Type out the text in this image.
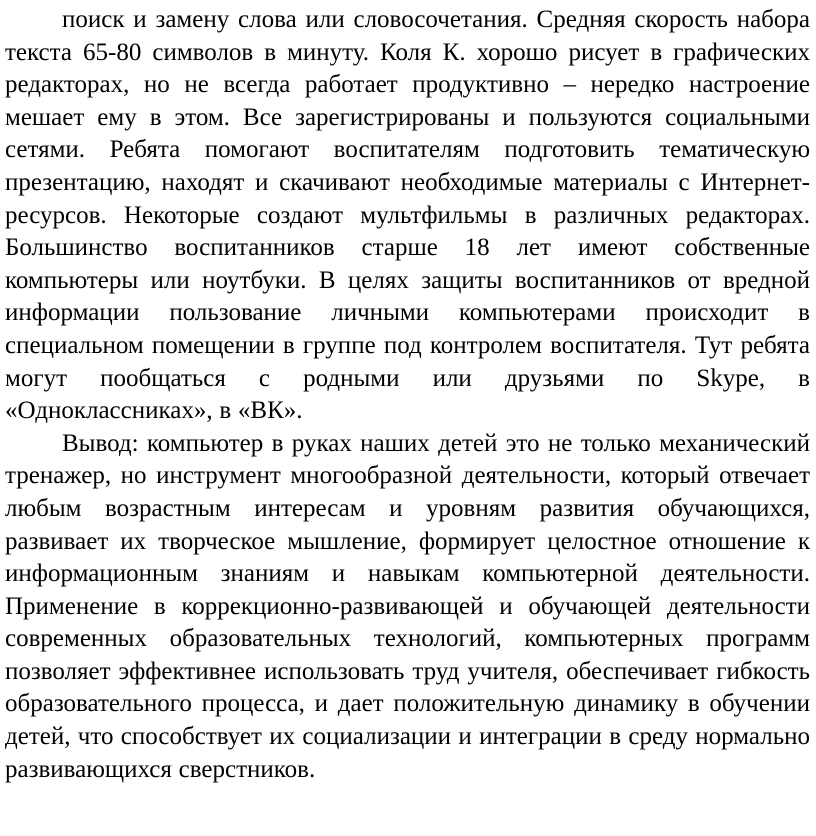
поиск и замену слова или словосочетания. Средняя скорость набора текста 65-80 символов в минуту. Коля К. хорошо рисует в графических редакторах, но не всегда работает продуктивно – нередко настроение мешает ему в этом. Все зарегистрированы и пользуются социальными сетями. Ребята помогают воспитателям подготовить тематическую презентацию, находят и скачивают необходимые материалы с Интернет-ресурсов. Некоторые создают мультфильмы в различных редакторах. Большинство воспитанников старше 18 лет имеют собственные компьютеры или ноутбуки. В целях защиты воспитанников от вредной информации пользование личными компьютерами происходит в специальном помещении в группе под контролем воспитателя. Тут ребята могут пообщаться с родными или друзьями по Skype, в «Одноклассниках», в «ВК».

Вывод: компьютер в руках наших детей это не только механический тренажер, но инструмент многообразной деятельности, который отвечает любым возрастным интересам и уровням развития обучающихся, развивает их творческое мышление, формирует целостное отношение к информационным знаниям и навыкам компьютерной деятельности. Применение в коррекционно-развивающей и обучающей деятельности современных образовательных технологий, компьютерных программ позволяет эффективнее использовать труд учителя, обеспечивает гибкость образовательного процесса, и дает положительную динамику в обучении детей, что способствует их социализации и интеграции в среду нормально развивающихся сверстников.
